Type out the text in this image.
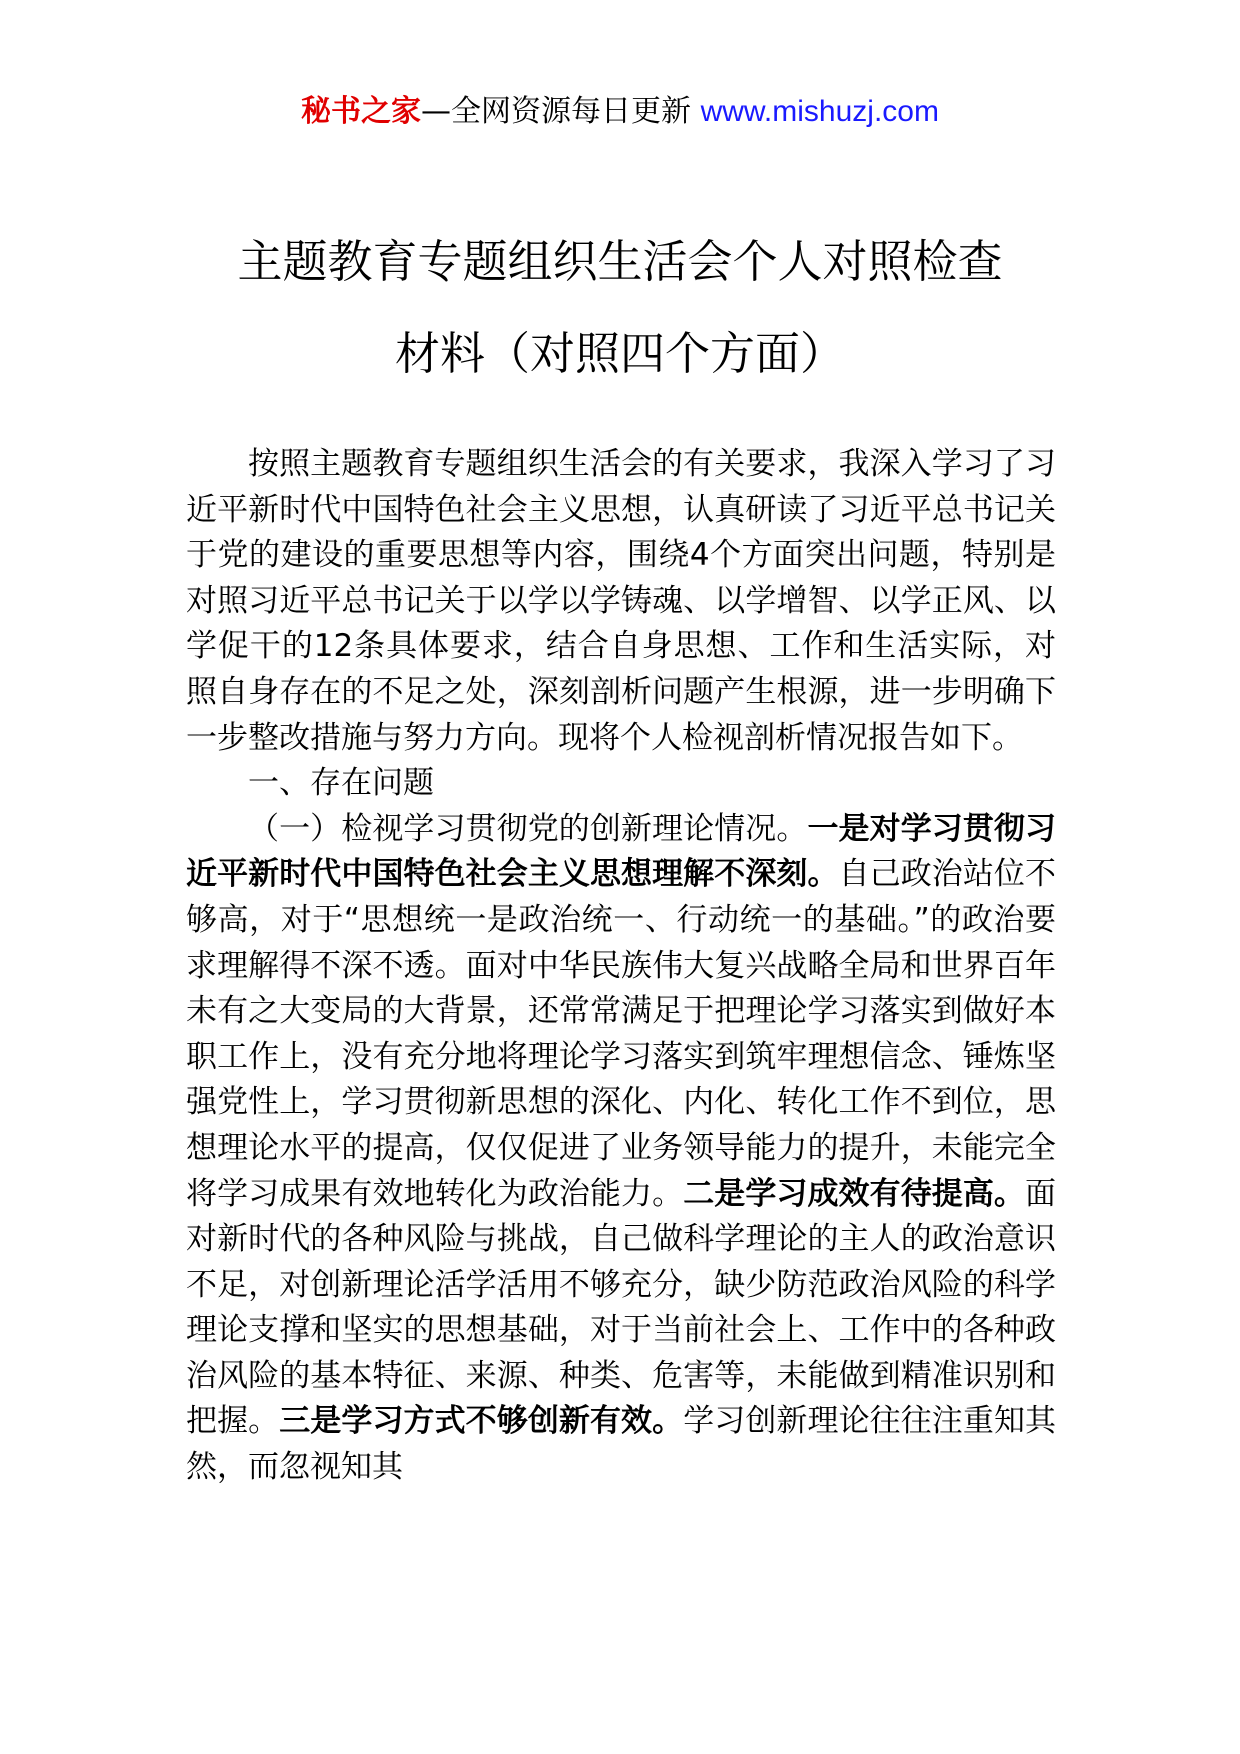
秘书之家—全网资源每日更新 www.mishuzj.com
主题教育专题组织生活会个人对照检查
材料（对照四个方面）

按照主题教育专题组织生活会的有关要求，我深入学习了习近平新时代中国特色社会主义思想，认真研读了习近平总书记关于党的建设的重要思想等内容，围绕4个方面突出问题，特别是对照习近平总书记关于以学以学铸魂、以学增智、以学正风、以学促干的12条具体要求，结合自身思想、工作和生活实际，对照自身存在的不足之处，深刻剖析问题产生根源，进一步明确下一步整改措施与努力方向。现将个人检视剖析情况报告如下。

一、存在问题

（一）检视学习贯彻党的创新理论情况。一是对学习贯彻习近平新时代中国特色社会主义思想理解不深刻。自己政治站位不够高，对于“思想统一是政治统一、行动统一的基础。”的政治要求理解得不深不透。面对中华民族伟大复兴战略全局和世界百年未有之大变局的大背景，还常常满足于把理论学习落实到做好本职工作上，没有充分地将理论学习落实到筑牢理想信念、锤炼坚强党性上，学习贯彻新思想的深化、内化、转化工作不到位，思想理论水平的提高，仅仅促进了业务领导能力的提升，未能完全将学习成果有效地转化为政治能力。二是学习成效有待提高。面对新时代的各种风险与挑战，自己做科学理论的主人的政治意识不足，对创新理论活学活用不够充分，缺少防范政治风险的科学理论支撑和坚实的思想基础，对于当前社会上、工作中的各种政治风险的基本特征、来源、种类、危害等，未能做到精准识别和把握。三是学习方式不够创新有效。学习创新理论往往注重知其然，而忽视知其
